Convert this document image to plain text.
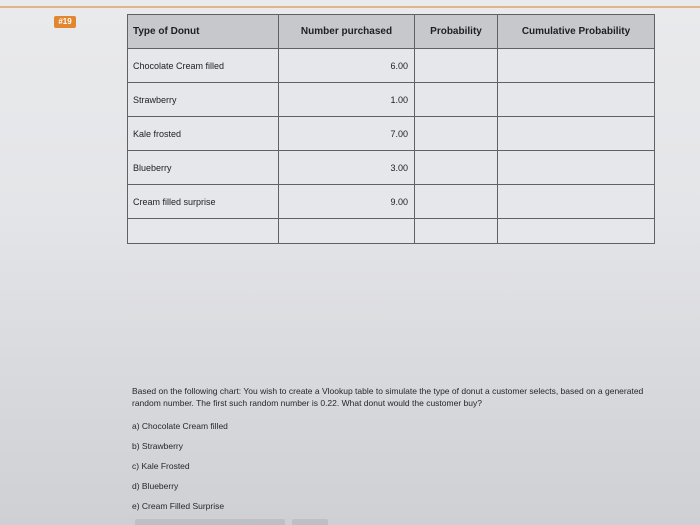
#19
Type of Donut	Number purchased	Probability	Cumulative Probability
Chocolate Cream filled	6.00		
Strawberry	1.00		
Kale frosted	7.00		
Blueberry	3.00		
Cream filled surprise	9.00		

Based on the following chart: You wish to create a Vlookup table to simulate the type of donut a customer selects, based on a generated random number. The first such random number is 0.22. What donut would the customer buy?
a) Chocolate Cream filled
b) Strawberry
c) Kale Frosted
d) Blueberry
e) Cream Filled Surprise
